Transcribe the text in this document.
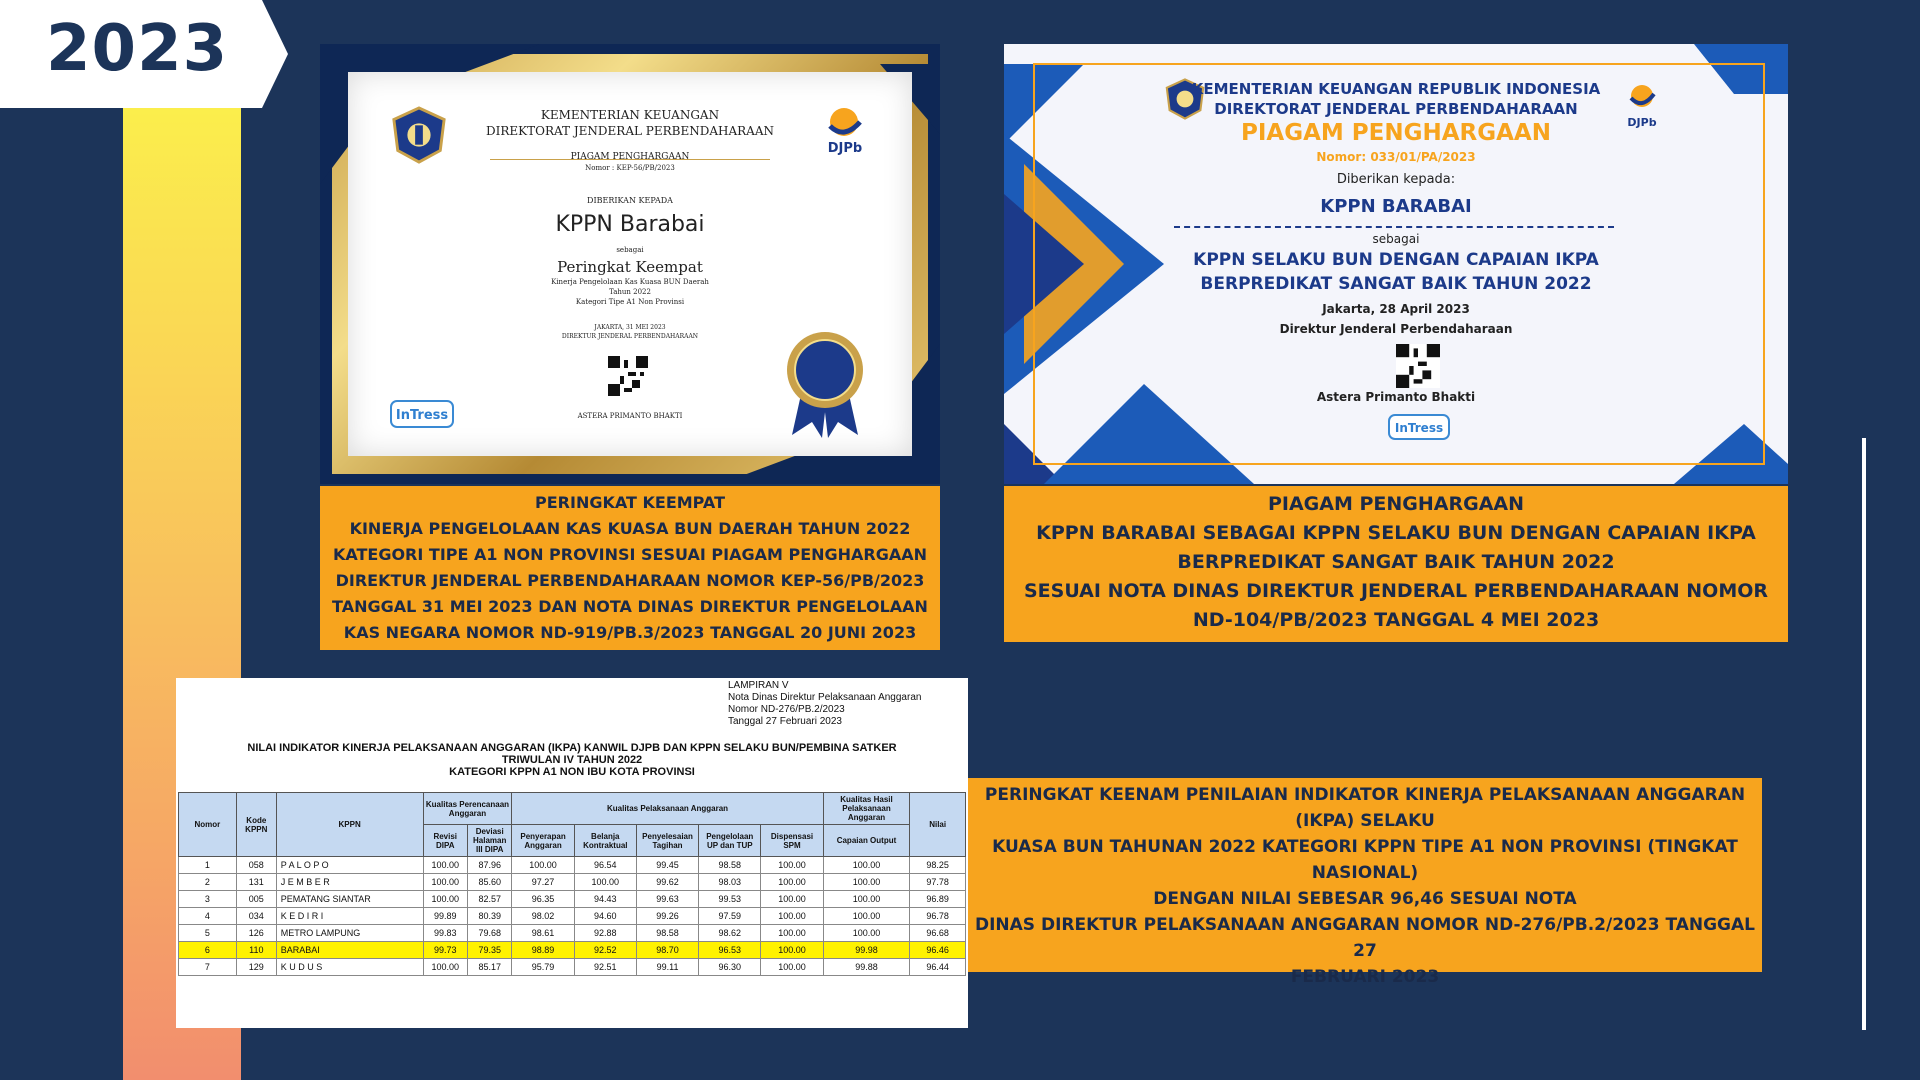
2023
DJPb
KEMENTERIAN KEUANGAN
DIREKTORAT JENDERAL PERBENDAHARAAN
PIAGAM PENGHARGAAN
Nomor : KEP-56/PB/2023
DIBERIKAN KEPADA
KPPN Barabai
sebagai
Peringkat Keempat
Kinerja Pengelolaan Kas Kuasa BUN Daerah
Tahun 2022
Kategori Tipe A1 Non Provinsi
JAKARTA, 31 MEI 2023
DIREKTUR JENDERAL PERBENDAHARAAN
ASTERA PRIMANTO BHAKTI
InTress
PERINGKAT KEEMPAT
KINERJA PENGELOLAAN KAS KUASA BUN DAERAH TAHUN 2022
KATEGORI TIPE A1 NON PROVINSI SESUAI PIAGAM PENGHARGAAN
DIREKTUR JENDERAL PERBENDAHARAAN NOMOR KEP-56/PB/2023
TANGGAL 31 MEI 2023 DAN NOTA DINAS DIREKTUR PENGELOLAAN
KAS NEGARA NOMOR ND-919/PB.3/2023 TANGGAL 20 JUNI 2023
DJPb
KEMENTERIAN KEUANGAN REPUBLIK INDONESIA
DIREKTORAT JENDERAL PERBENDAHARAAN
PIAGAM PENGHARGAAN
Nomor: 033/01/PA/2023
Diberikan kepada:
KPPN BARABAI
sebagai
KPPN SELAKU BUN DENGAN CAPAIAN IKPA
BERPREDIKAT SANGAT BAIK TAHUN 2022
Jakarta, 28 April 2023
Direktur Jenderal Perbendaharaan
Astera Primanto Bhakti
InTress
PIAGAM PENGHARGAAN
KPPN BARABAI SEBAGAI KPPN SELAKU BUN DENGAN CAPAIAN IKPA
BERPREDIKAT SANGAT BAIK TAHUN 2022
SESUAI NOTA DINAS DIREKTUR JENDERAL PERBENDAHARAAN NOMOR
ND-104/PB/2023 TANGGAL 4 MEI 2023
LAMPIRAN V
Nota Dinas Direktur Pelaksanaan Anggaran
Nomor ND-276/PB.2/2023
Tanggal 27 Februari 2023
NILAI INDIKATOR KINERJA PELAKSANAAN ANGGARAN (IKPA) KANWIL DJPB DAN KPPN SELAKU BUN/PEMBINA SATKER
TRIWULAN IV TAHUN 2022
KATEGORI KPPN A1 NON IBU KOTA PROVINSI
Nomor	Kode KPPN	KPPN	Kualitas Perencanaan Anggaran		Kualitas Pelaksanaan Anggaran					Kualitas Hasil Pelaksanaan Anggaran	Nilai
			Revisi DIPA	Deviasi Halaman III DIPA	Penyerapan Anggaran	Belanja Kontraktual	Penyelesaian Tagihan	Pengelolaan UP dan TUP	Dispensasi SPM	Capaian Output	
1	058	P A L O P O	100.00	87.96	100.00	96.54	99.45	98.58	100.00	100.00	98.25
2	131	J E M B E R	100.00	85.60	97.27	100.00	99.62	98.03	100.00	100.00	97.78
3	005	PEMATANG SIANTAR	100.00	82.57	96.35	94.43	99.63	99.53	100.00	100.00	96.89
4	034	K E D I R I	99.89	80.39	98.02	94.60	99.26	97.59	100.00	100.00	96.78
5	126	METRO LAMPUNG	99.83	79.68	98.61	92.88	98.58	98.62	100.00	100.00	96.68
6	110	BARABAI	99.73	79.35	98.89	92.52	98.70	96.53	100.00	99.98	96.46
7	129	K U D U S	100.00	85.17	95.79	92.51	99.11	96.30	100.00	99.88	96.44
PERINGKAT KEENAM PENILAIAN INDIKATOR KINERJA PELAKSANAAN ANGGARAN
(IKPA) SELAKU
KUASA BUN TAHUNAN 2022 KATEGORI KPPN TIPE A1 NON PROVINSI (TINGKAT
NASIONAL)
DENGAN NILAI SEBESAR 96,46 SESUAI NOTA
DINAS DIREKTUR PELAKSANAAN ANGGARAN NOMOR ND-276/PB.2/2023 TANGGAL 27
FEBRUARI 2023
